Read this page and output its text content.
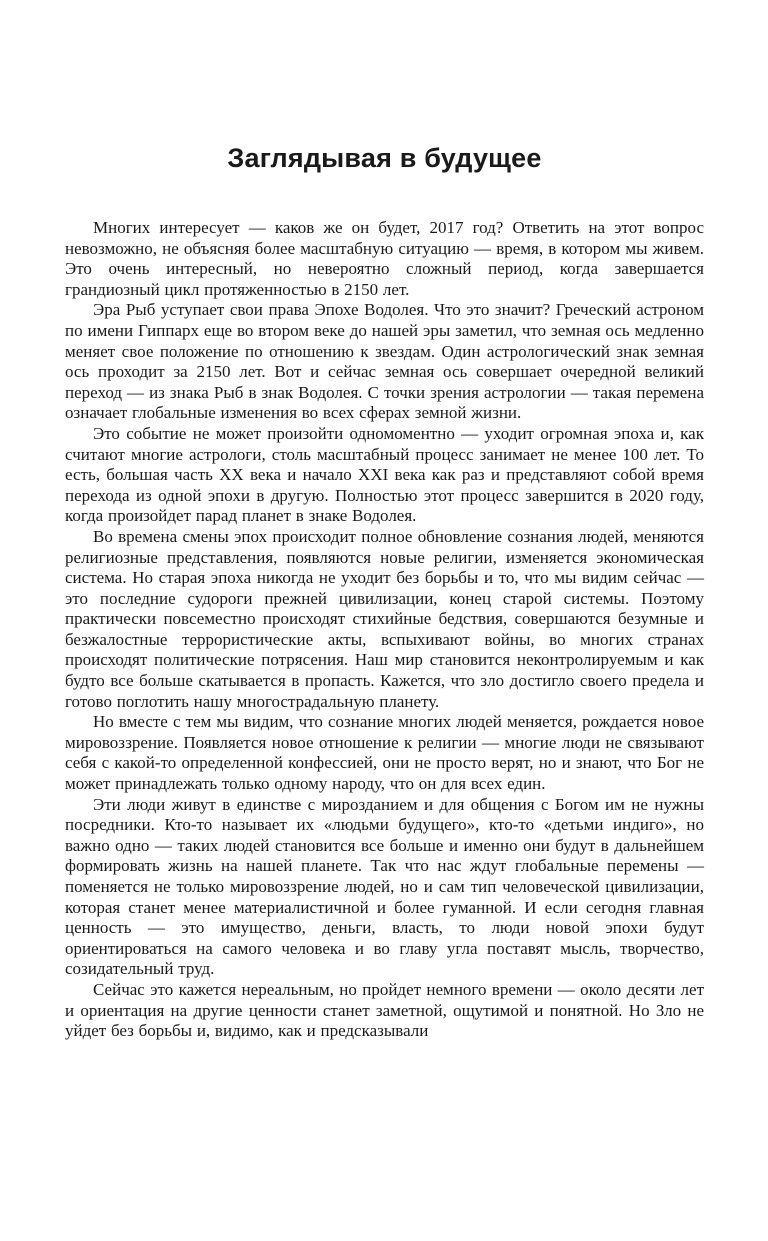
Заглядывая в будущее

Многих интересует — каков же он будет, 2017 год? Ответить на этот вопрос невозможно, не объясняя более масштабную ситуацию — время, в котором мы живем. Это очень интересный, но невероятно сложный период, когда завершается грандиозный цикл протяженностью в 2150 лет.

Эра Рыб уступает свои права Эпохе Водолея. Что это значит? Греческий астроном по имени Гиппарх еще во втором веке до нашей эры заметил, что земная ось медленно меняет свое положение по отношению к звездам. Один астрологический знак земная ось проходит за 2150 лет. Вот и сейчас земная ось совершает очередной великий переход — из знака Рыб в знак Водолея. С точки зрения астрологии — такая перемена означает глобальные изменения во всех сферах земной жизни.

Это событие не может произойти одномоментно — уходит огромная эпоха и, как считают многие астрологи, столь масштабный процесс занимает не менее 100 лет. То есть, большая часть XX века и начало XXI века как раз и представляют собой время перехода из одной эпохи в другую. Полностью этот процесс завершится в 2020 году, когда произойдет парад планет в знаке Водолея.

Во времена смены эпох происходит полное обновление сознания людей, меняются религиозные представления, появляются новые религии, изменяется экономическая система. Но старая эпоха никогда не уходит без борьбы и то, что мы видим сейчас — это последние судороги прежней цивилизации, конец старой системы. Поэтому практически повсеместно происходят стихийные бедствия, совершаются безумные и безжалостные террористические акты, вспыхивают войны, во многих странах происходят политические потрясения. Наш мир становится неконтролируемым и как будто все больше скатывается в пропасть. Кажется, что зло достигло своего предела и готово поглотить нашу многострадальную планету.

Но вместе с тем мы видим, что сознание многих людей меняется, рождается новое мировоззрение. Появляется новое отношение к религии — многие люди не связывают себя с какой-то определенной конфессией, они не просто верят, но и знают, что Бог не может принадлежать только одному народу, что он для всех един.

Эти люди живут в единстве с мирозданием и для общения с Богом им не нужны посредники. Кто-то называет их «людьми будущего», кто-то «детьми индиго», но важно одно — таких людей становится все больше и именно они будут в дальнейшем формировать жизнь на нашей планете. Так что нас ждут глобальные перемены — поменяется не только мировоззрение людей, но и сам тип человеческой цивилизации, которая станет менее материалистичной и более гуманной. И если сегодня главная ценность — это имущество, деньги, власть, то люди новой эпохи будут ориентироваться на самого человека и во главу угла поставят мысль, творчество, созидательный труд.

Сейчас это кажется нереальным, но пройдет немного времени — около десяти лет и ориентация на другие ценности станет заметной, ощутимой и понятной. Но Зло не уйдет без борьбы и, видимо, как и предсказывали
